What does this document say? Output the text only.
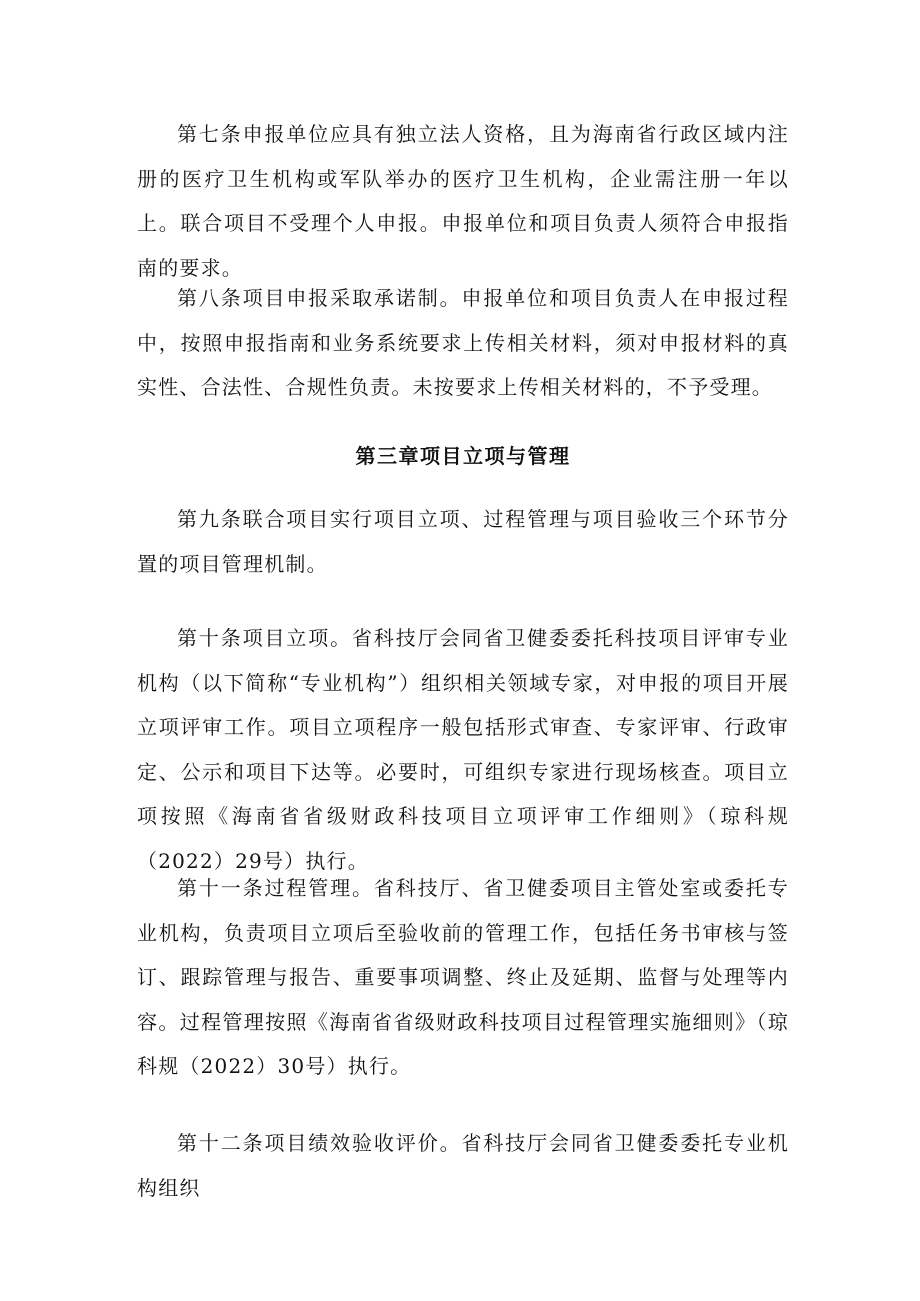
第七条申报单位应具有独立法人资格，且为海南省行政区域内注册的医疗卫生机构或军队举办的医疗卫生机构，企业需注册一年以上。联合项目不受理个人申报。申报单位和项目负责人须符合申报指南的要求。

第八条项目申报采取承诺制。申报单位和项目负责人在申报过程中，按照申报指南和业务系统要求上传相关材料，须对申报材料的真实性、合法性、合规性负责。未按要求上传相关材料的，不予受理。

第三章项目立项与管理

第九条联合项目实行项目立项、过程管理与项目验收三个环节分置的项目管理机制。

第十条项目立项。省科技厅会同省卫健委委托科技项目评审专业机构（以下简称“专业机构”）组织相关领域专家，对申报的项目开展立项评审工作。项目立项程序一般包括形式审查、专家评审、行政审定、公示和项目下达等。必要时，可组织专家进行现场核查。项目立项按照《海南省省级财政科技项目立项评审工作细则》（琼科规（2022）29号）执行。

第十一条过程管理。省科技厅、省卫健委项目主管处室或委托专业机构，负责项目立项后至验收前的管理工作，包括任务书审核与签订、跟踪管理与报告、重要事项调整、终止及延期、监督与处理等内容。过程管理按照《海南省省级财政科技项目过程管理实施细则》（琼科规（2022）30号）执行。

第十二条项目绩效验收评价。省科技厅会同省卫健委委托专业机构组织
